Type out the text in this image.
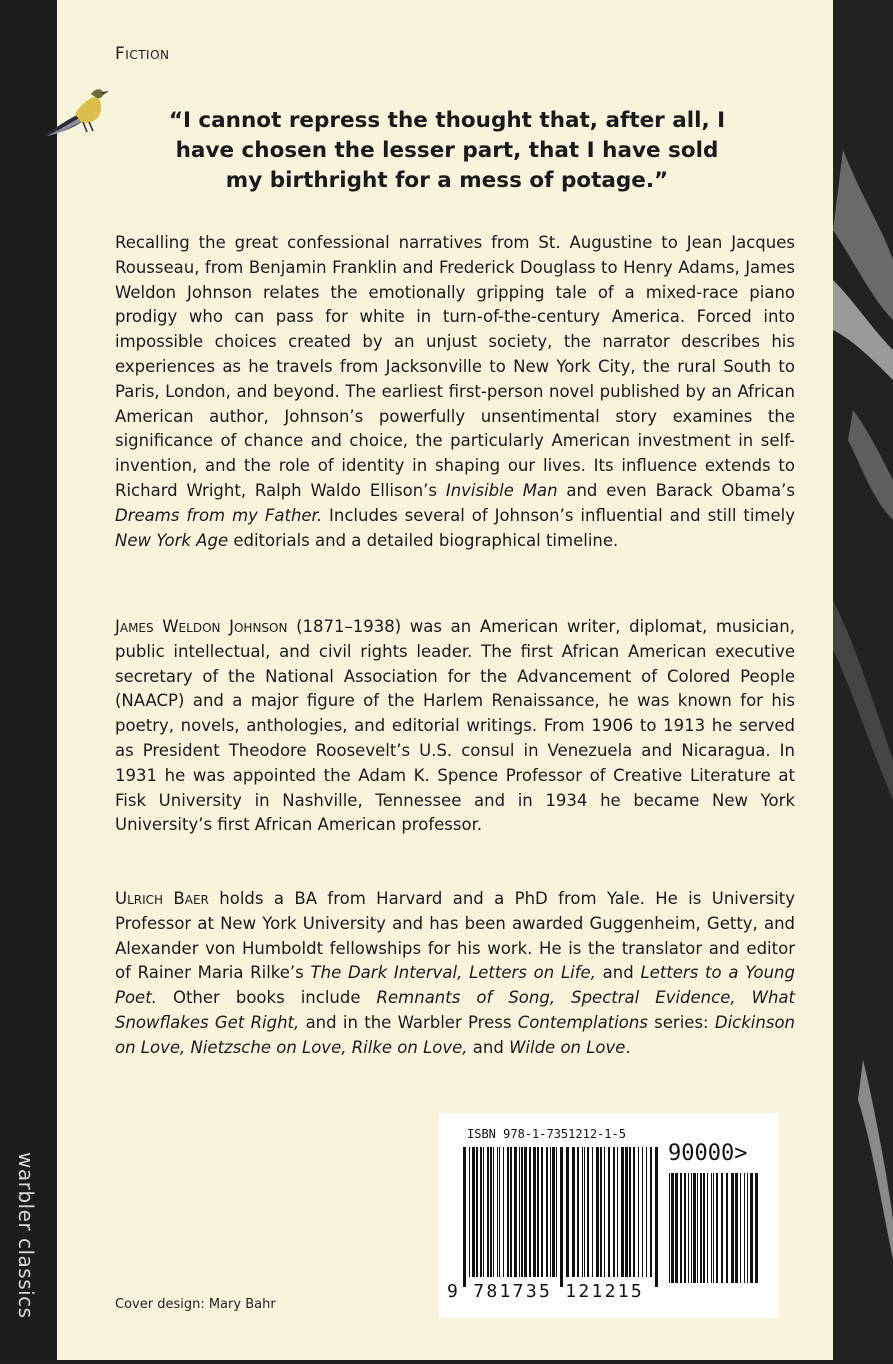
warbler classics
Fiction
“I cannot repress the thought that, after all, I have chosen the lesser part, that I have sold my birthright for a mess of potage.”

Recalling the great confessional narratives from St. Augustine to Jean Jacques Rousseau, from Benjamin Franklin and Frederick Douglass to Henry Adams, James Weldon Johnson relates the emotionally gripping tale of a mixed-race piano prodigy who can pass for white in turn-of-the-century America. Forced into impossible choices created by an unjust society, the narrator describes his experiences as he travels from Jacksonville to New York City, the rural South to Paris, London, and beyond. The earliest first-person novel published by an African American author, Johnson’s powerfully unsentimental story examines the significance of chance and choice, the particularly American investment in self-invention, and the role of identity in shaping our lives. Its influence extends to Richard Wright, Ralph Waldo Ellison’s Invisible Man and even Barack Obama’s Dreams from my Father. Includes several of Johnson’s influential and still timely New York Age editorials and a detailed biographical timeline.

James Weldon Johnson (1871–1938) was an American writer, diplomat, musician, public intellectual, and civil rights leader. The first African American executive secretary of the National Association for the Advancement of Colored People (NAACP) and a major figure of the Harlem Renaissance, he was known for his poetry, novels, anthologies, and editorial writings. From 1906 to 1913 he served as President Theodore Roosevelt’s U.S. consul in Venezuela and Nicaragua. In 1931 he was appointed the Adam K. Spence Professor of Creative Literature at Fisk University in Nashville, Tennessee and in 1934 he became New York University’s first African American professor.

Ulrich Baer holds a BA from Harvard and a PhD from Yale. He is University Professor at New York University and has been awarded Guggenheim, Getty, and Alexander von Humboldt fellowships for his work. He is the translator and editor of Rainer Maria Rilke’s The Dark Interval, Letters on Life, and Letters to a Young Poet. Other books include Remnants of Song, Spectral Evidence, What Snowflakes Get Right, and in the Warbler Press Contemplations series: Dickinson on Love, Nietzsche on Love, Rilke on Love, and Wilde on Love.

ISBN 978-1-7351212-1-5
90000>
9 781735 121215
Cover design: Mary Bahr
